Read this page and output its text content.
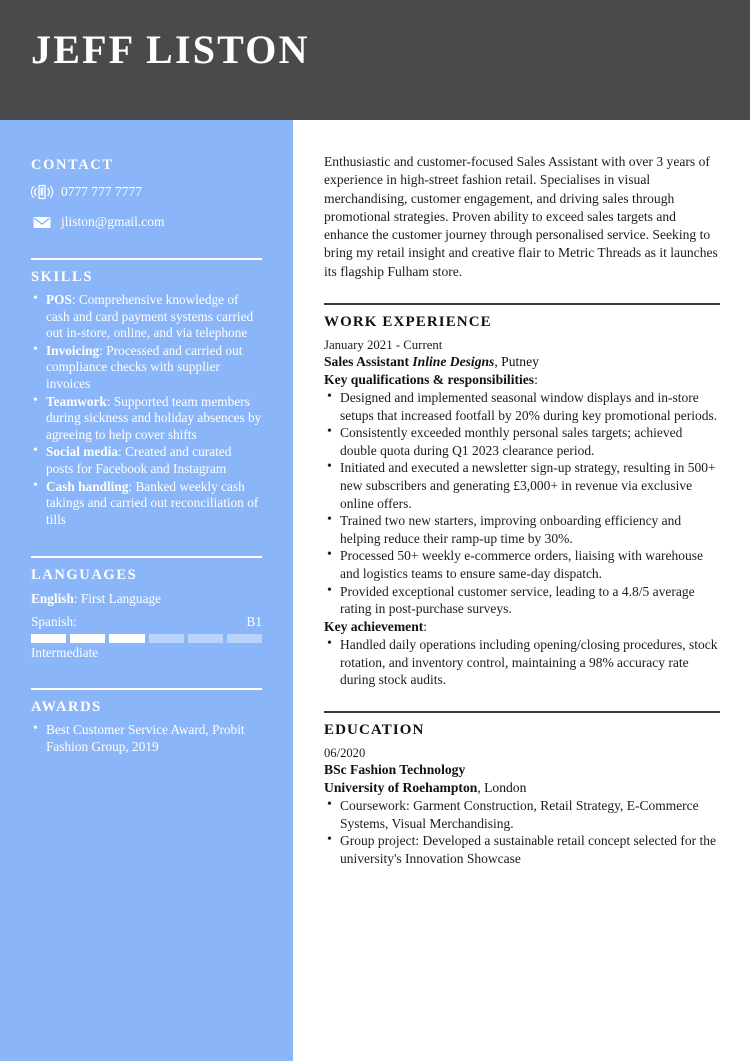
JEFF LISTON
CONTACT
0777 777 7777
jliston@gmail.com
SKILLS
• POS: Comprehensive knowledge of cash and card payment systems carried out in-store, online, and via telephone
• Invoicing: Processed and carried out compliance checks with supplier invoices
• Teamwork: Supported team members during sickness and holiday absences by agreeing to help cover shifts
• Social media: Created and curated posts for Facebook and Instagram
• Cash handling: Banked weekly cash takings and carried out reconciliation of tills
LANGUAGES
English: First Language
Spanish:	B1
Intermediate
AWARDS
• Best Customer Service Award, Probit Fashion Group, 2019

Enthusiastic and customer-focused Sales Assistant with over 3 years of experience in high-street fashion retail. Specialises in visual merchandising, customer engagement, and driving sales through promotional strategies. Proven ability to exceed sales targets and enhance the customer journey through personalised service. Seeking to bring my retail insight and creative flair to Metric Threads as it launches its flagship Fulham store.

WORK EXPERIENCE
January 2021 - Current
Sales Assistant Inline Designs, Putney
Key qualifications & responsibilities:
• Designed and implemented seasonal window displays and in-store setups that increased footfall by 20% during key promotional periods.
• Consistently exceeded monthly personal sales targets; achieved double quota during Q1 2023 clearance period.
• Initiated and executed a newsletter sign-up strategy, resulting in 500+ new subscribers and generating £3,000+ in revenue via exclusive online offers.
• Trained two new starters, improving onboarding efficiency and helping reduce their ramp-up time by 30%.
• Processed 50+ weekly e-commerce orders, liaising with warehouse and logistics teams to ensure same-day dispatch.
• Provided exceptional customer service, leading to a 4.8/5 average rating in post-purchase surveys.
Key achievement:
• Handled daily operations including opening/closing procedures, stock rotation, and inventory control, maintaining a 98% accuracy rate during stock audits.
EDUCATION
06/2020
BSc Fashion Technology
University of Roehampton, London
• Coursework: Garment Construction, Retail Strategy, E-Commerce Systems, Visual Merchandising.
• Group project: Developed a sustainable retail concept selected for the university's Innovation Showcase
